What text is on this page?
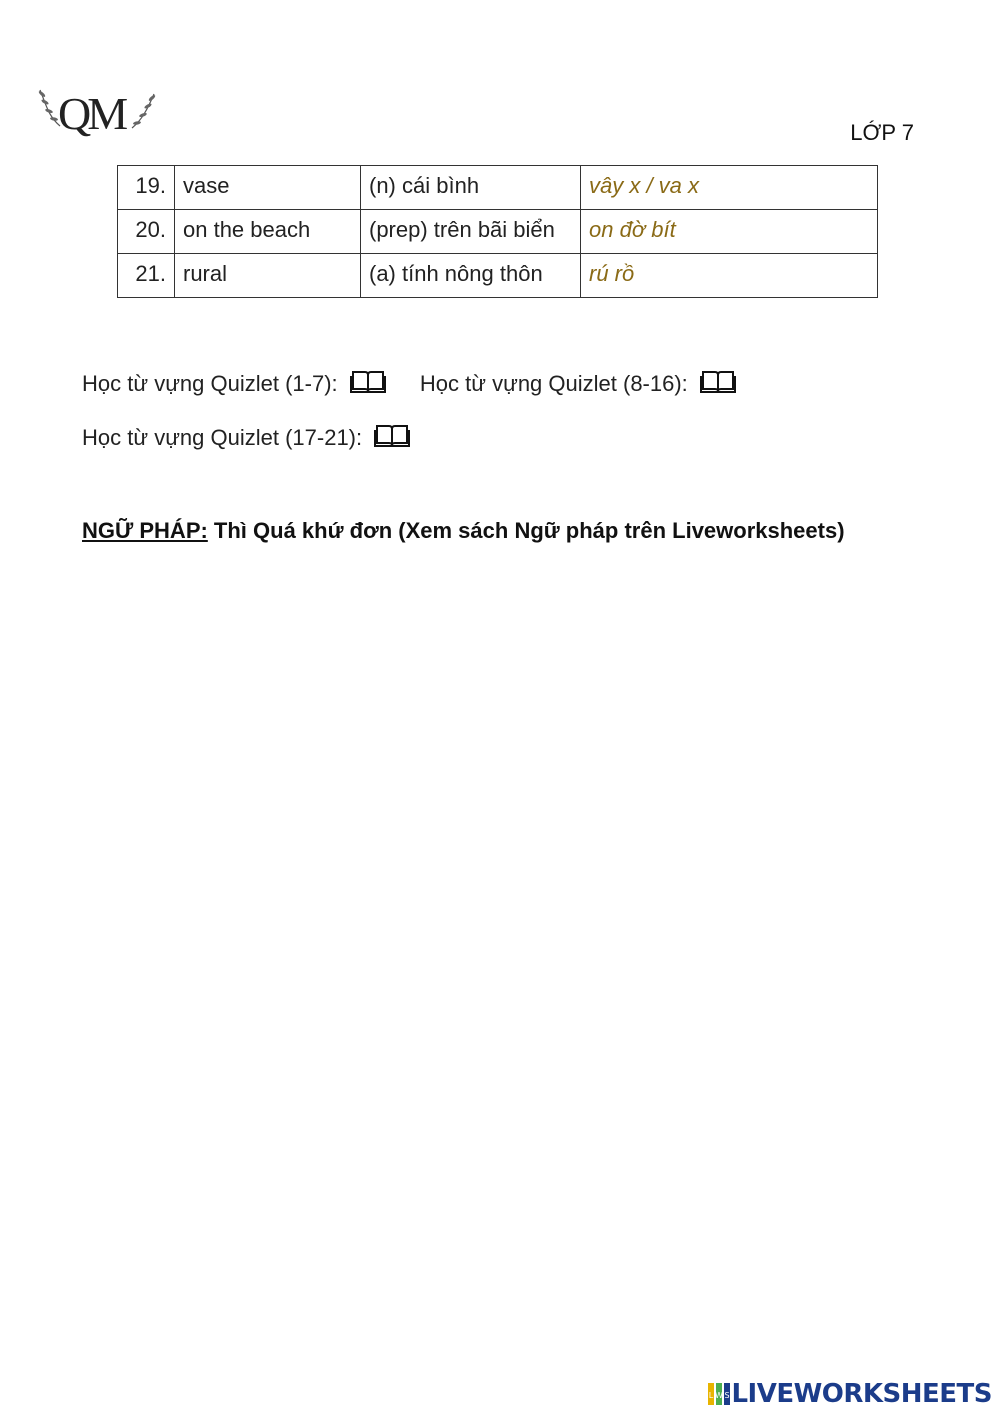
QM	LỚP 7
19.	vase	(n) cái bình	vây x / va x
20.	on the beach	(prep) trên bãi biển	on đờ bít
21.	rural	(a) tính nông thôn	rú rồ
Học từ vựng Quizlet (1-7):	Học từ vựng Quizlet (8-16):
Học từ vựng Quizlet (17-21):
NGỮ PHÁP: Thì Quá khứ đơn (Xem sách Ngữ pháp trên Liveworksheets)
L W S LIVEWORKSHEETS
